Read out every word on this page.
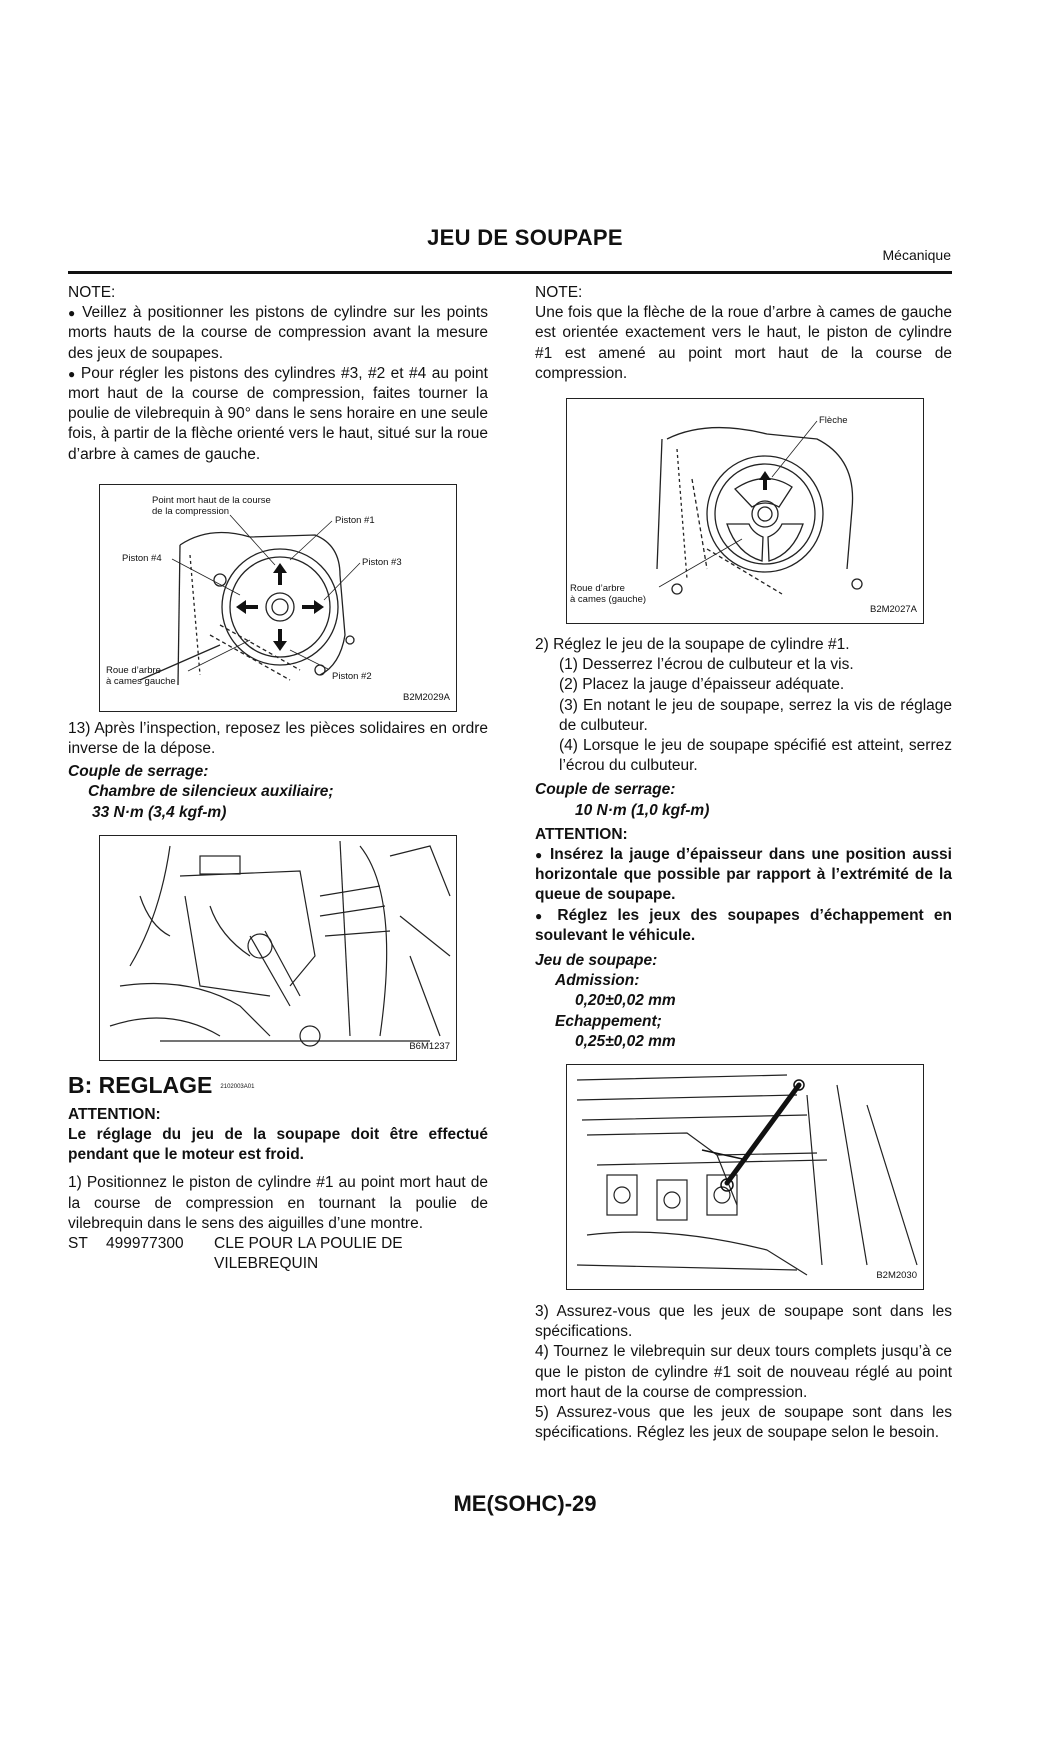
JEU DE SOUPAPE
Mécanique

NOTE:

● Veillez à positionner les pistons de cylindre sur les points morts hauts de la course de compression avant la mesure des jeux de soupapes.

● Pour régler les pistons des cylindres #3, #2 et #4 au point mort haut de la course de compression, faites tourner la poulie de vilebrequin à 90° dans le sens horaire en une seule fois, à partir de la flèche orienté vers le haut, situé sur la roue d’arbre à cames de gauche.

Point mort haut de la course
de la compression
Piston #1
Piston #4	Piston #3
Roue d’arbre
à cames gauche	Piston #2
B2M2029A

13) Après l’inspection, reposez les pièces solidaires en ordre inverse de la dépose.

Couple de serrage:

Chambre de silencieux auxiliaire;

33 N·m (3,4 kgf-m)

B6M1237
B: REGLAGE 2102003A01

ATTENTION:

Le réglage du jeu de la soupape doit être effectué pendant que le moteur est froid.

1) Positionnez le piston de cylindre #1 au point mort haut de la course de compression en tournant la poulie de vilebrequin dans le sens des aiguilles d’une montre.

ST	499977300	CLE POUR LA POULIE DE VILEBREQUIN

NOTE:

Une fois que la flèche de la roue d’arbre à cames de gauche est orientée exactement vers le haut, le piston de cylindre #1 est amené au point mort haut de la course de compression.

Flèche
Roue d’arbre
à cames (gauche)
B2M2027A

2) Réglez le jeu de la soupape de cylindre #1.

(1) Desserrez l’écrou de culbuteur et la vis.

(2) Placez la jauge d’épaisseur adéquate.

(3) En notant le jeu de soupape, serrez la vis de réglage de culbuteur.

(4) Lorsque le jeu de soupape spécifié est atteint, serrez l’écrou du culbuteur.

Couple de serrage:

10 N·m (1,0 kgf-m)

ATTENTION:

● Insérez la jauge d’épaisseur dans une position aussi horizontale que possible par rapport à l’extrémité de la queue de soupape.

● Réglez les jeux des soupapes d’échappement en soulevant le véhicule.

Jeu de soupape:

Admission:

0,20±0,02 mm

Echappement;

0,25±0,02 mm

B2M2030

3) Assurez-vous que les jeux de soupape sont dans les spécifications.

4) Tournez le vilebrequin sur deux tours complets jusqu’à ce que le piston de cylindre #1 soit de nouveau réglé au point mort haut de la course de compression.

5) Assurez-vous que les jeux de soupape sont dans les spécifications. Réglez les jeux de soupape selon le besoin.

ME(SOHC)-29
